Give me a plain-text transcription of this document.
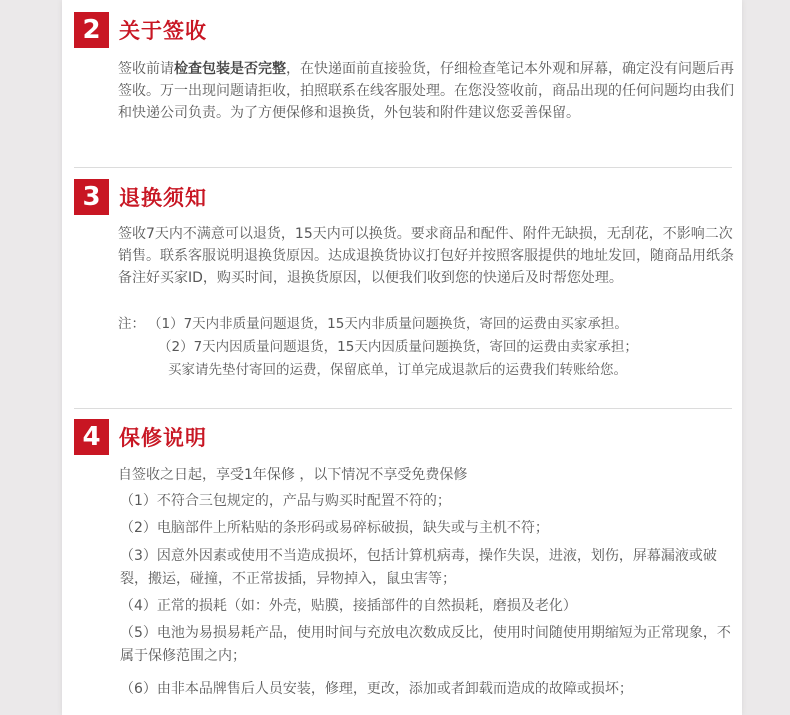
2 关于签收
签收前请检查包装是否完整，在快递面前直接验货，仔细检查笔记本外观和屏幕，确定没有问题后再签收。万一出现问题请拒收，拍照联系在线客服处理。在您没签收前，商品出现的任何问题均由我们和快递公司负责。为了方便保修和退换货，外包装和附件建议您妥善保留。
3 退换须知
签收7天内不满意可以退货，15天内可以换货。要求商品和配件、附件无缺损，无刮花，不影响二次销售。联系客服说明退换货原因。达成退换货协议打包好并按照客服提供的地址发回，随商品用纸条备注好买家ID，购买时间，退换货原因，以便我们收到您的快递后及时帮您处理。
注： （1）7天内非质量问题退货，15天内非质量问题换货，寄回的运费由买家承担。
（2）7天内因质量问题退货，15天内因质量问题换货，寄回的运费由卖家承担；
买家请先垫付寄回的运费，保留底单，订单完成退款后的运费我们转账给您。
4 保修说明
自签收之日起，享受1年保修 ，以下情况不享受免费保修
（1）不符合三包规定的，产品与购买时配置不符的；
（2）电脑部件上所粘贴的条形码或易碎标破损，缺失或与主机不符；
（3）因意外因素或使用不当造成损坏，包括计算机病毒，操作失误，进液，划伤，屏幕漏液或破裂，搬运，碰撞，不正常拔插，异物掉入，鼠虫害等；
（4）正常的损耗（如：外壳，贴膜，接插部件的自然损耗，磨损及老化）
（5）电池为易损易耗产品，使用时间与充放电次数成反比，使用时间随使用期缩短为正常现象，不属于保修范围之内；
（6）由非本品牌售后人员安装，修理，更改，添加或者卸载而造成的故障或损坏；
